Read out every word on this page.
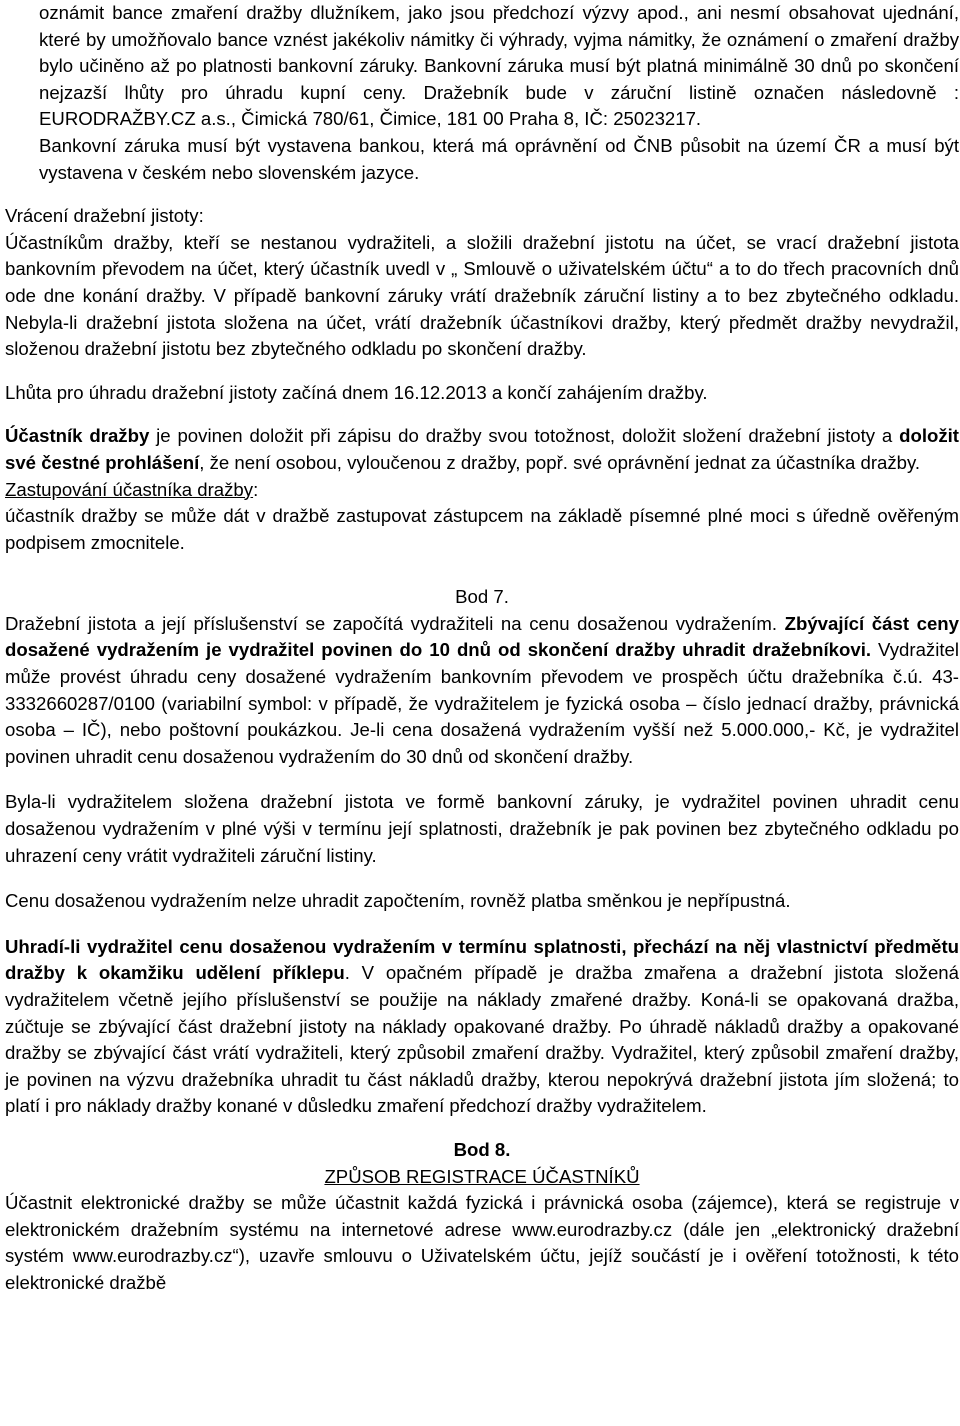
oznámit bance zmaření dražby dlužníkem, jako jsou předchozí výzvy apod., ani nesmí obsahovat ujednání, které by umožňovalo bance vznést jakékoliv námitky či výhrady, vyjma námitky, že oznámení o zmaření dražby bylo učiněno až po platnosti bankovní záruky. Bankovní záruka musí být platná minimálně 30 dnů po skončení nejzazší lhůty pro úhradu kupní ceny. Dražebník bude v záruční listině označen následovně : EURODRAŽBY.CZ a.s., Čimická 780/61, Čimice, 181 00 Praha 8, IČ: 25023217.

Bankovní záruka musí být vystavena bankou, která má oprávnění od ČNB působit na území ČR a musí být vystavena v českém nebo slovenském jazyce.

Vrácení dražební jistoty:

Účastníkům dražby, kteří se nestanou vydražiteli, a složili dražební jistotu na účet, se vrací dražební jistota bankovním převodem na účet, který účastník uvedl v „ Smlouvě o uživatelském účtu“ a to do třech pracovních dnů ode dne konání dražby. V případě bankovní záruky vrátí dražebník záruční listiny a to bez zbytečného odkladu. Nebyla-li dražební jistota složena na účet, vrátí dražebník účastníkovi dražby, který předmět dražby nevydražil, složenou dražební jistotu bez zbytečného odkladu po skončení dražby.

Lhůta pro úhradu dražební jistoty začíná dnem 16.12.2013 a končí zahájením dražby.

Účastník dražby je povinen doložit při zápisu do dražby svou totožnost, doložit složení dražební jistoty a doložit své čestné prohlášení, že není osobou, vyloučenou z dražby, popř. své oprávnění jednat za účastníka dražby.

Zastupování účastníka dražby:

účastník dražby se může dát v dražbě zastupovat zástupcem na základě písemné plné moci s úředně ověřeným podpisem zmocnitele.

Bod 7.

Dražební jistota a její příslušenství se započítá vydražiteli na cenu dosaženou vydražením. Zbývající část ceny dosažené vydražením je vydražitel povinen do 10 dnů od skončení dražby uhradit dražebníkovi. Vydražitel může provést úhradu ceny dosažené vydražením bankovním převodem ve prospěch účtu dražebníka č.ú. 43-3332660287/0100 (variabilní symbol: v případě, že vydražitelem je fyzická osoba – číslo jednací dražby, právnická osoba – IČ), nebo poštovní poukázkou. Je-li cena dosažená vydražením vyšší než 5.000.000,- Kč, je vydražitel povinen uhradit cenu dosaženou vydražením do 30 dnů od skončení dražby.

Byla-li vydražitelem složena dražební jistota ve formě bankovní záruky, je vydražitel povinen uhradit cenu dosaženou vydražením v plné výši v termínu její splatnosti, dražebník je pak povinen bez zbytečného odkladu po uhrazení ceny vrátit vydražiteli záruční listiny.

Cenu dosaženou vydražením nelze uhradit započtením, rovněž platba směnkou je nepřípustná.

Uhradí-li vydražitel cenu dosaženou vydražením v termínu splatnosti, přechází na něj vlastnictví předmětu dražby k okamžiku udělení příklepu. V opačném případě je dražba zmařena a dražební jistota složená vydražitelem včetně jejího příslušenství se použije na náklady zmařené dražby. Koná-li se opakovaná dražba, zúčtuje se zbývající část dražební jistoty na náklady opakované dražby. Po úhradě nákladů dražby a opakované dražby se zbývající část vrátí vydražiteli, který způsobil zmaření dražby. Vydražitel, který způsobil zmaření dražby, je povinen na výzvu dražebníka uhradit tu část nákladů dražby, kterou nepokrývá dražební jistota jím složená; to platí i pro náklady dražby konané v důsledku zmaření předchozí dražby vydražitelem.

Bod 8.

ZPŮSOB REGISTRACE ÚČASTNÍKŮ

Účastnit elektronické dražby se může účastnit každá fyzická i právnická osoba (zájemce), která se registruje v elektronickém dražebním systému na internetové adrese www.eurodrazby.cz (dále jen „elektronický dražební systém www.eurodrazby.cz“), uzavře smlouvu o Uživatelském účtu, jejíž součástí je i ověření totožnosti, k této elektronické dražbě
